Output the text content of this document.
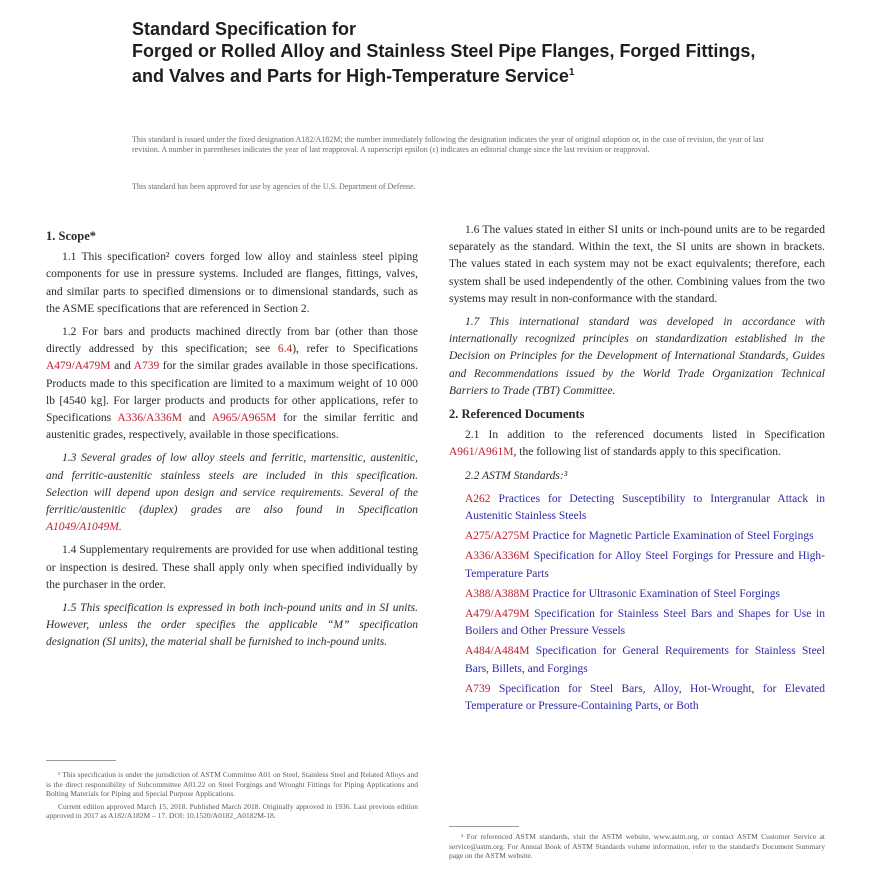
Standard Specification for
Forged or Rolled Alloy and Stainless Steel Pipe Flanges, Forged Fittings, and Valves and Parts for High-Temperature Service$^1$
This standard is issued under the fixed designation A182/A182M; the number immediately following the designation indicates the year of original adoption or, in the case of revision, the year of last revision. A number in parentheses indicates the year of last reapproval. A superscript epsilon (ε) indicates an editorial change since the last revision or reapproval.
This standard has been approved for use by agencies of the U.S. Department of Defense.

1. Scope*

1.1 This specification² covers forged low alloy and stainless steel piping components for use in pressure systems. Included are flanges, fittings, valves, and similar parts to specified dimensions or to dimensional standards, such as the ASME specifications that are referenced in Section 2.

1.2 For bars and products machined directly from bar (other than those directly addressed by this specification; see 6.4), refer to Specifications A479/A479M and A739 for the similar grades available in those specifications. Products made to this specification are limited to a maximum weight of 10 000 lb [4540 kg]. For larger products and products for other applications, refer to Specifications A336/A336M and A965/A965M for the similar ferritic and austenitic grades, respectively, available in those specifications.

1.3 Several grades of low alloy steels and ferritic, martensitic, austenitic, and ferritic-austenitic stainless steels are included in this specification. Selection will depend upon design and service requirements. Several of the ferritic/austenitic (duplex) grades are also found in Specification A1049/A1049M.

1.4 Supplementary requirements are provided for use when additional testing or inspection is desired. These shall apply only when specified individually by the purchaser in the order.

1.5 This specification is expressed in both inch-pound units and in SI units. However, unless the order specifies the applicable “M” specification designation (SI units), the material shall be furnished to inch-pound units.

¹ This specification is under the jurisdiction of ASTM Committee A01 on Steel, Stainless Steel and Related Alloys and is the direct responsibility of Subcommittee A01.22 on Steel Forgings and Wrought Fittings for Piping Applications and Bolting Materials for Piping and Special Purpose Applications.

Current edition approved March 15, 2018. Published March 2018. Originally approved in 1936. Last previous edition approved in 2017 as A182/A182M – 17. DOI: 10.1520/A0182_A0182M-18.

1.6 The values stated in either SI units or inch-pound units are to be regarded separately as the standard. Within the text, the SI units are shown in brackets. The values stated in each system may not be exact equivalents; therefore, each system shall be used independently of the other. Combining values from the two systems may result in non-conformance with the standard.

1.7 This international standard was developed in accordance with internationally recognized principles on standardization established in the Decision on Principles for the Development of International Standards, Guides and Recommendations issued by the World Trade Organization Technical Barriers to Trade (TBT) Committee.

2. Referenced Documents

2.1 In addition to the referenced documents listed in Specification A961/A961M, the following list of standards apply to this specification.

2.2 ASTM Standards:³

A262 Practices for Detecting Susceptibility to Intergranular Attack in Austenitic Stainless Steels
A275/A275M Practice for Magnetic Particle Examination of Steel Forgings
A336/A336M Specification for Alloy Steel Forgings for Pressure and High-Temperature Parts
A388/A388M Practice for Ultrasonic Examination of Steel Forgings
A479/A479M Specification for Stainless Steel Bars and Shapes for Use in Boilers and Other Pressure Vessels
A484/A484M Specification for General Requirements for Stainless Steel Bars, Billets, and Forgings
A739 Specification for Steel Bars, Alloy, Hot-Wrought, for Elevated Temperature or Pressure-Containing Parts, or Both

³ For referenced ASTM standards, visit the ASTM website, www.astm.org, or contact ASTM Customer Service at service@astm.org. For Annual Book of ASTM Standards volume information, refer to the standard's Document Summary page on the ASTM website.
